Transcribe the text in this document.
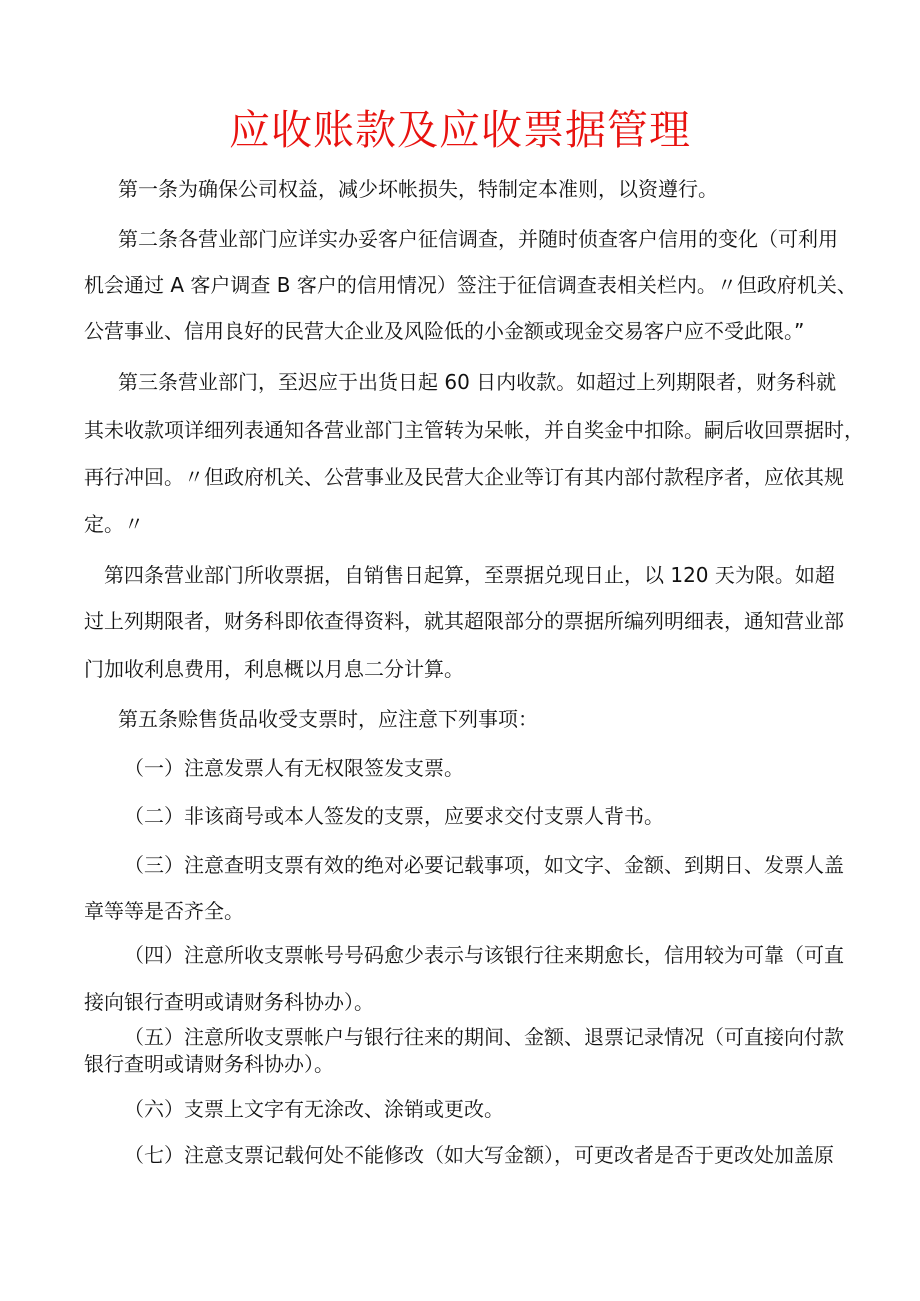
应收账款及应收票据管理
第一条为确保公司权益，减少坏帐损失，特制定本准则，以资遵行。
第二条各营业部门应详实办妥客户征信调查，并随时侦查客户信用的变化（可利用
机会通过 A 客户调查 B 客户的信用情况）签注于征信调查表相关栏内。〃但政府机关、
公营事业、信用良好的民营大企业及风险低的小金额或现金交易客户应不受此限。”
第三条营业部门，至迟应于出货日起 60 日内收款。如超过上列期限者，财务科就
其未收款项详细列表通知各营业部门主管转为呆帐，并自奖金中扣除。嗣后收回票据时，
再行冲回。〃但政府机关、公营事业及民营大企业等订有其内部付款程序者，应依其规
定。〃
第四条营业部门所收票据，自销售日起算，至票据兑现日止，以 120 天为限。如超
过上列期限者，财务科即依查得资料，就其超限部分的票据所编列明细表，通知营业部
门加收利息费用，利息概以月息二分计算。
第五条赊售货品收受支票时，应注意下列事项：
（一）注意发票人有无权限签发支票。
（二）非该商号或本人签发的支票，应要求交付支票人背书。
（三）注意查明支票有效的绝对必要记载事项，如文字、金额、到期日、发票人盖
章等等是否齐全。
（四）注意所收支票帐号号码愈少表示与该银行往来期愈长，信用较为可靠（可直
接向银行查明或请财务科协办）。
（五）注意所收支票帐户与银行往来的期间、金额、退票记录情况（可直接向付款
银行查明或请财务科协办）。
（六）支票上文字有无涂改、涂销或更改。
（七）注意支票记载何处不能修改（如大写金额），可更改者是否于更改处加盖原
